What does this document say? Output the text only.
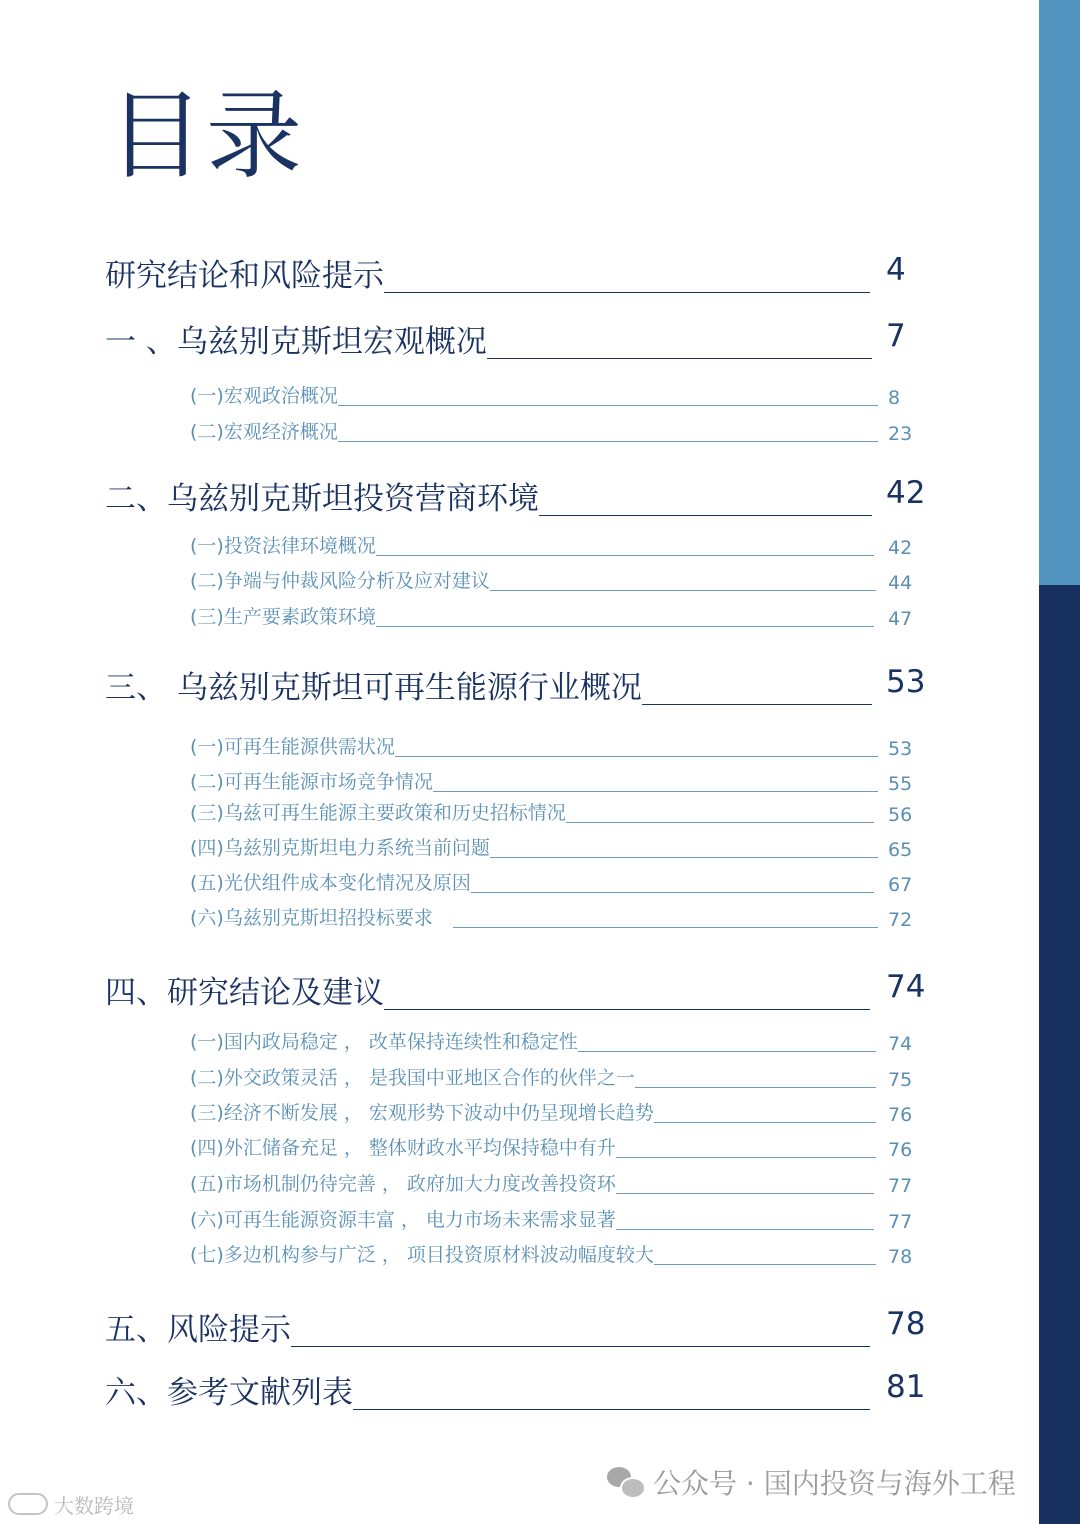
目录
研究结论和风险提示	4
一 、乌兹别克斯坦宏观概况	7
(一)宏观政治概况	8
(二)宏观经济概况	23
二、乌兹别克斯坦投资营商环境	42
(一)投资法律环境概况	42
(二)争端与仲裁风险分析及应对建议	44
(三)生产要素政策环境	47
三、 乌兹别克斯坦可再生能源行业概况	53
(一)可再生能源供需状况	53
(二)可再生能源市场竞争情况	55
(三)乌兹可再生能源主要政策和历史招标情况	56
(四)乌兹别克斯坦电力系统当前问题	65
(五)光伏组件成本变化情况及原因	67
(六)乌兹别克斯坦招投标要求	72
四、研究结论及建议	74
(一)国内政局稳定 ， 改革保持连续性和稳定性	74
(二)外交政策灵活 ， 是我国中亚地区合作的伙伴之一	75
(三)经济不断发展 ， 宏观形势下波动中仍呈现增长趋势	76
(四)外汇储备充足 ， 整体财政水平均保持稳中有升	76
(五)市场机制仍待完善 ， 政府加大力度改善投资环	77
(六)可再生能源资源丰富 ， 电力市场未来需求显著	77
(七)多边机构参与广泛 ， 项目投资原材料波动幅度较大	78
五、风险提示	78
六、参考文献列表	81
公众号 · 国内投资与海外工程
大数跨境
